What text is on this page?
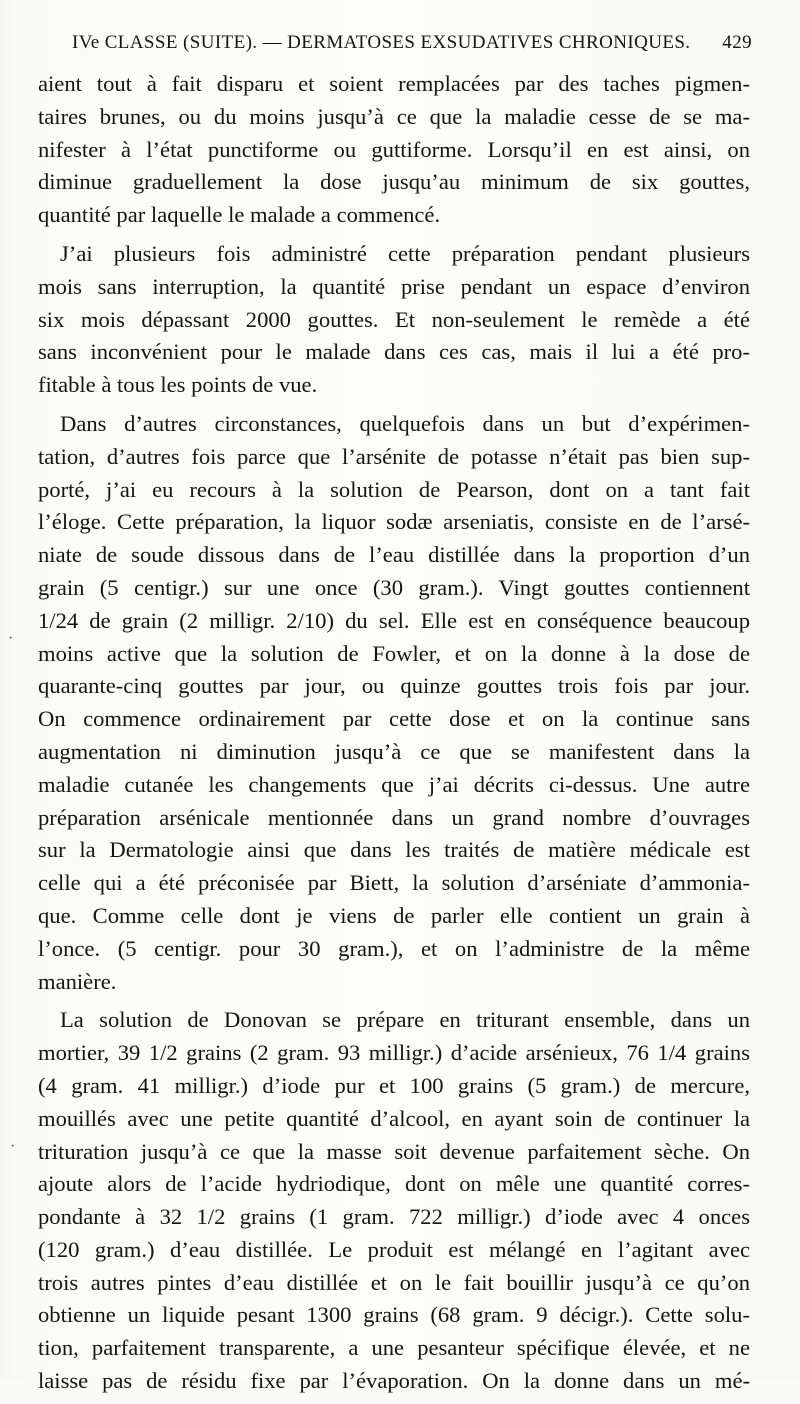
IVe CLASSE (SUITE). — DERMATOSES EXSUDATIVES CHRONIQUES. 429
aient tout à fait disparu et soient remplacées par des taches pigmen-
taires brunes, ou du moins jusqu’à ce que la maladie cesse de se ma-
nifester à l’état punctiforme ou guttiforme. Lorsqu’il en est ainsi, on
diminue graduellement la dose jusqu’au minimum de six gouttes,
quantité par laquelle le malade a commencé.
J’ai plusieurs fois administré cette préparation pendant plusieurs
mois sans interruption, la quantité prise pendant un espace d’environ
six mois dépassant 2000 gouttes. Et non-seulement le remède a été
sans inconvénient pour le malade dans ces cas, mais il lui a été pro-
fitable à tous les points de vue.
Dans d’autres circonstances, quelquefois dans un but d’expérimen-
tation, d’autres fois parce que l’arsénite de potasse n’était pas bien sup-
porté, j’ai eu recours à la solution de Pearson, dont on a tant fait
l’éloge. Cette préparation, la liquor sodæ arseniatis, consiste en de l’arsé-
niate de soude dissous dans de l’eau distillée dans la proportion d’un
grain (5 centigr.) sur une once (30 gram.). Vingt gouttes contiennent
1/24 de grain (2 milligr. 2/10) du sel. Elle est en conséquence beaucoup
moins active que la solution de Fowler, et on la donne à la dose de
quarante-cinq gouttes par jour, ou quinze gouttes trois fois par jour.
On commence ordinairement par cette dose et on la continue sans
augmentation ni diminution jusqu’à ce que se manifestent dans la
maladie cutanée les changements que j’ai décrits ci-dessus. Une autre
préparation arsénicale mentionnée dans un grand nombre d’ouvrages
sur la Dermatologie ainsi que dans les traités de matière médicale est
celle qui a été préconisée par Biett, la solution d’arséniate d’ammonia-
que. Comme celle dont je viens de parler elle contient un grain à
l’once. (5 centigr. pour 30 gram.), et on l’administre de la même
manière.
La solution de Donovan se prépare en triturant ensemble, dans un
mortier, 39 1/2 grains (2 gram. 93 milligr.) d’acide arsénieux, 76 1/4 grains
(4 gram. 41 milligr.) d’iode pur et 100 grains (5 gram.) de mercure,
mouillés avec une petite quantité d’alcool, en ayant soin de continuer la
trituration jusqu’à ce que la masse soit devenue parfaitement sèche. On
ajoute alors de l’acide hydriodique, dont on mêle une quantité corres-
pondante à 32 1/2 grains (1 gram. 722 milligr.) d’iode avec 4 onces
(120 gram.) d’eau distillée. Le produit est mélangé en l’agitant avec
trois autres pintes d’eau distillée et on le fait bouillir jusqu’à ce qu’on
obtienne un liquide pesant 1300 grains (68 gram. 9 décigr.). Cette solu-
tion, parfaitement transparente, a une pesanteur spécifique élevée, et ne
laisse pas de résidu fixe par l’évaporation. On la donne dans un mé-
·
·
